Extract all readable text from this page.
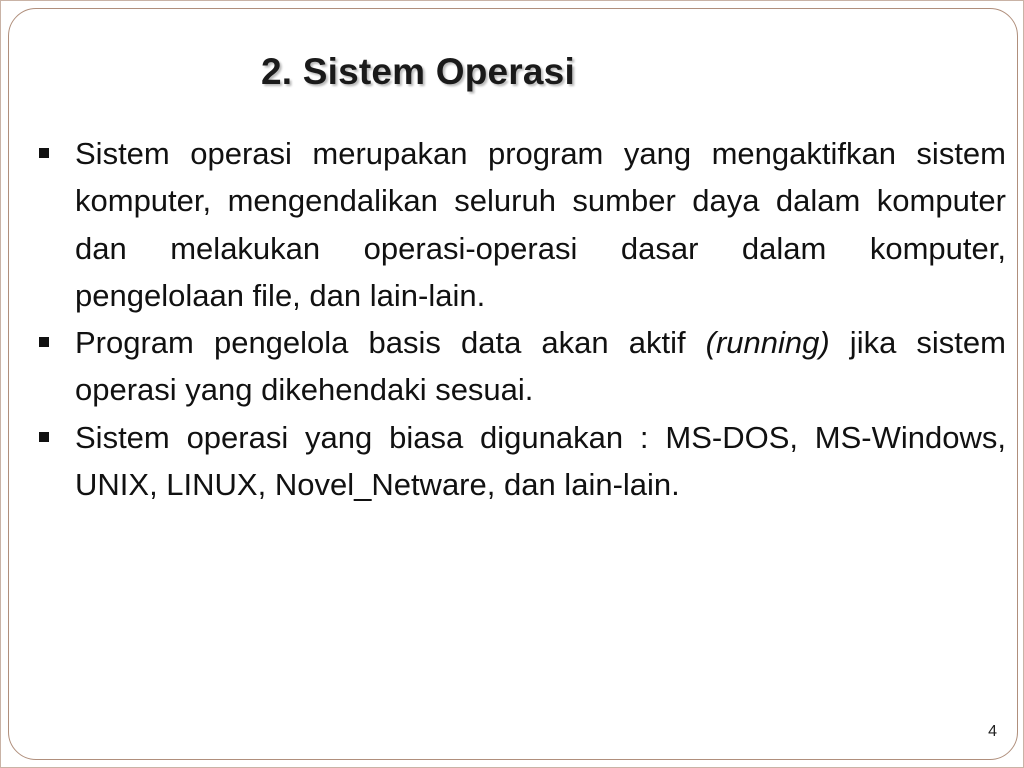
2. Sistem Operasi
Sistem operasi merupakan program yang mengaktifkan sistem komputer, mengendalikan seluruh sumber daya dalam komputer dan melakukan operasi-operasi dasar dalam komputer, pengelolaan file, dan lain-lain.
Program pengelola basis data akan aktif (running) jika sistem operasi yang dikehendaki sesuai.
Sistem operasi yang biasa digunakan : MS-DOS, MS-Windows, UNIX, LINUX, Novel_Netware, dan lain-lain.
4
